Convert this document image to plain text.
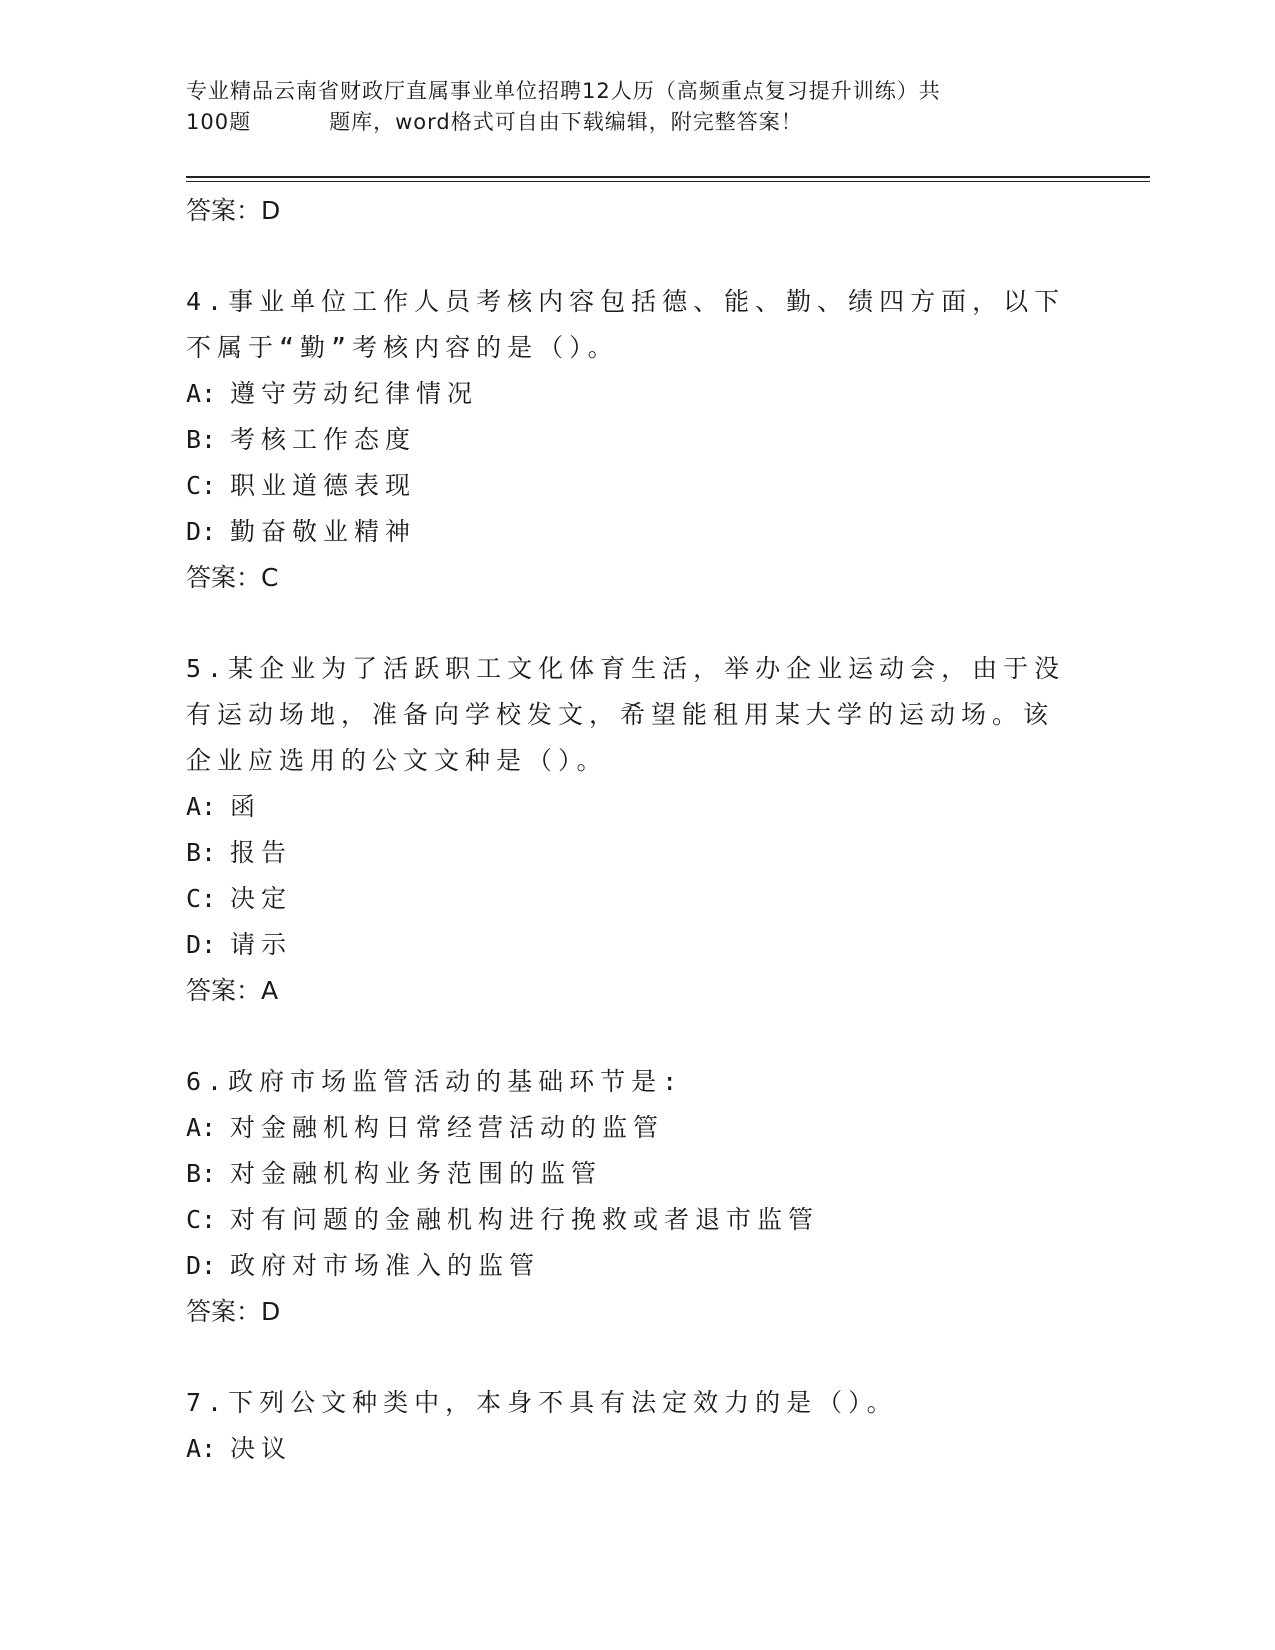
专业精品云南省财政厅直属事业单位招聘12人历（高频重点复习提升训练）共
100题	题库，word格式可自由下载编辑，附完整答案！
答案：D
4.事业单位工作人员考核内容包括德、能、勤、绩四方面，以下不属于“勤”考核内容的是（）。
A: 遵守劳动纪律情况
B: 考核工作态度
C: 职业道德表现
D: 勤奋敬业精神
答案：C
5.某企业为了活跃职工文化体育生活，举办企业运动会，由于没有运动场地，准备向学校发文，希望能租用某大学的运动场。该企业应选用的公文文种是（）。
A: 函
B: 报告
C: 决定
D: 请示
答案：A
6.政府市场监管活动的基础环节是:
A: 对金融机构日常经营活动的监管
B: 对金融机构业务范围的监管
C: 对有问题的金融机构进行挽救或者退市监管
D: 政府对市场准入的监管
答案：D
7.下列公文种类中，本身不具有法定效力的是（）。
A: 决议
